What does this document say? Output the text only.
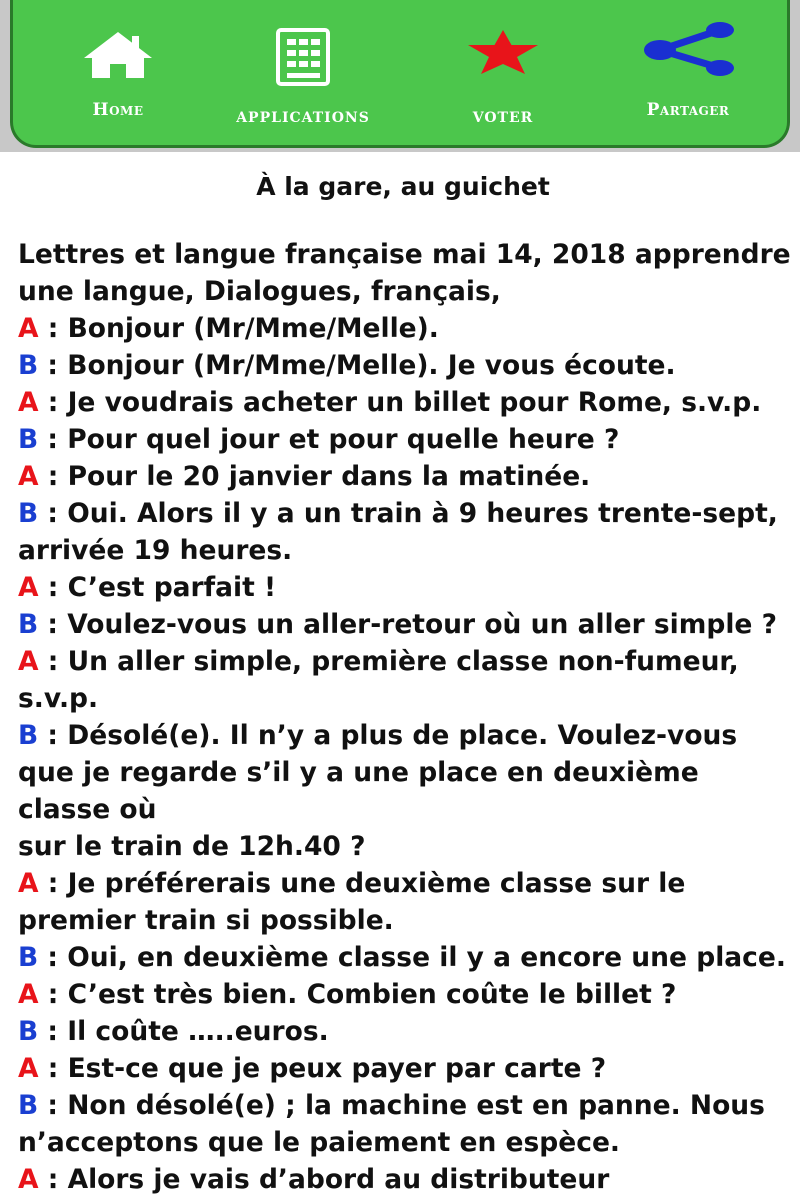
Home	APPLICATIONS	VOTER	Partager
À la gare, au guichet
Lettres et langue française mai 14, 2018 apprendre
une langue, Dialogues, français,
A : Bonjour (Mr/Mme/Melle).
B : Bonjour (Mr/Mme/Melle). Je vous écoute.
A : Je voudrais acheter un billet pour Rome, s.v.p.
B : Pour quel jour et pour quelle heure ?
A : Pour le 20 janvier dans la matinée.
B : Oui. Alors il y a un train à 9 heures trente-sept,
arrivée 19 heures.
A : C’est parfait !
B : Voulez-vous un aller-retour où un aller simple ?
A : Un aller simple, première classe non-fumeur,
s.v.p.
B : Désolé(e). Il n’y a plus de place. Voulez-vous
que je regarde s’il y a une place en deuxième
classe où
sur le train de 12h.40 ?
A : Je préférerais une deuxième classe sur le
premier train si possible.
B : Oui, en deuxième classe il y a encore une place.
A : C’est très bien. Combien coûte le billet ?
B : Il coûte …..euros.
A : Est-ce que je peux payer par carte ?
B : Non désolé(e) ; la machine est en panne. Nous
n’acceptons que le paiement en espèce.
A : Alors je vais d’abord au distributeur
